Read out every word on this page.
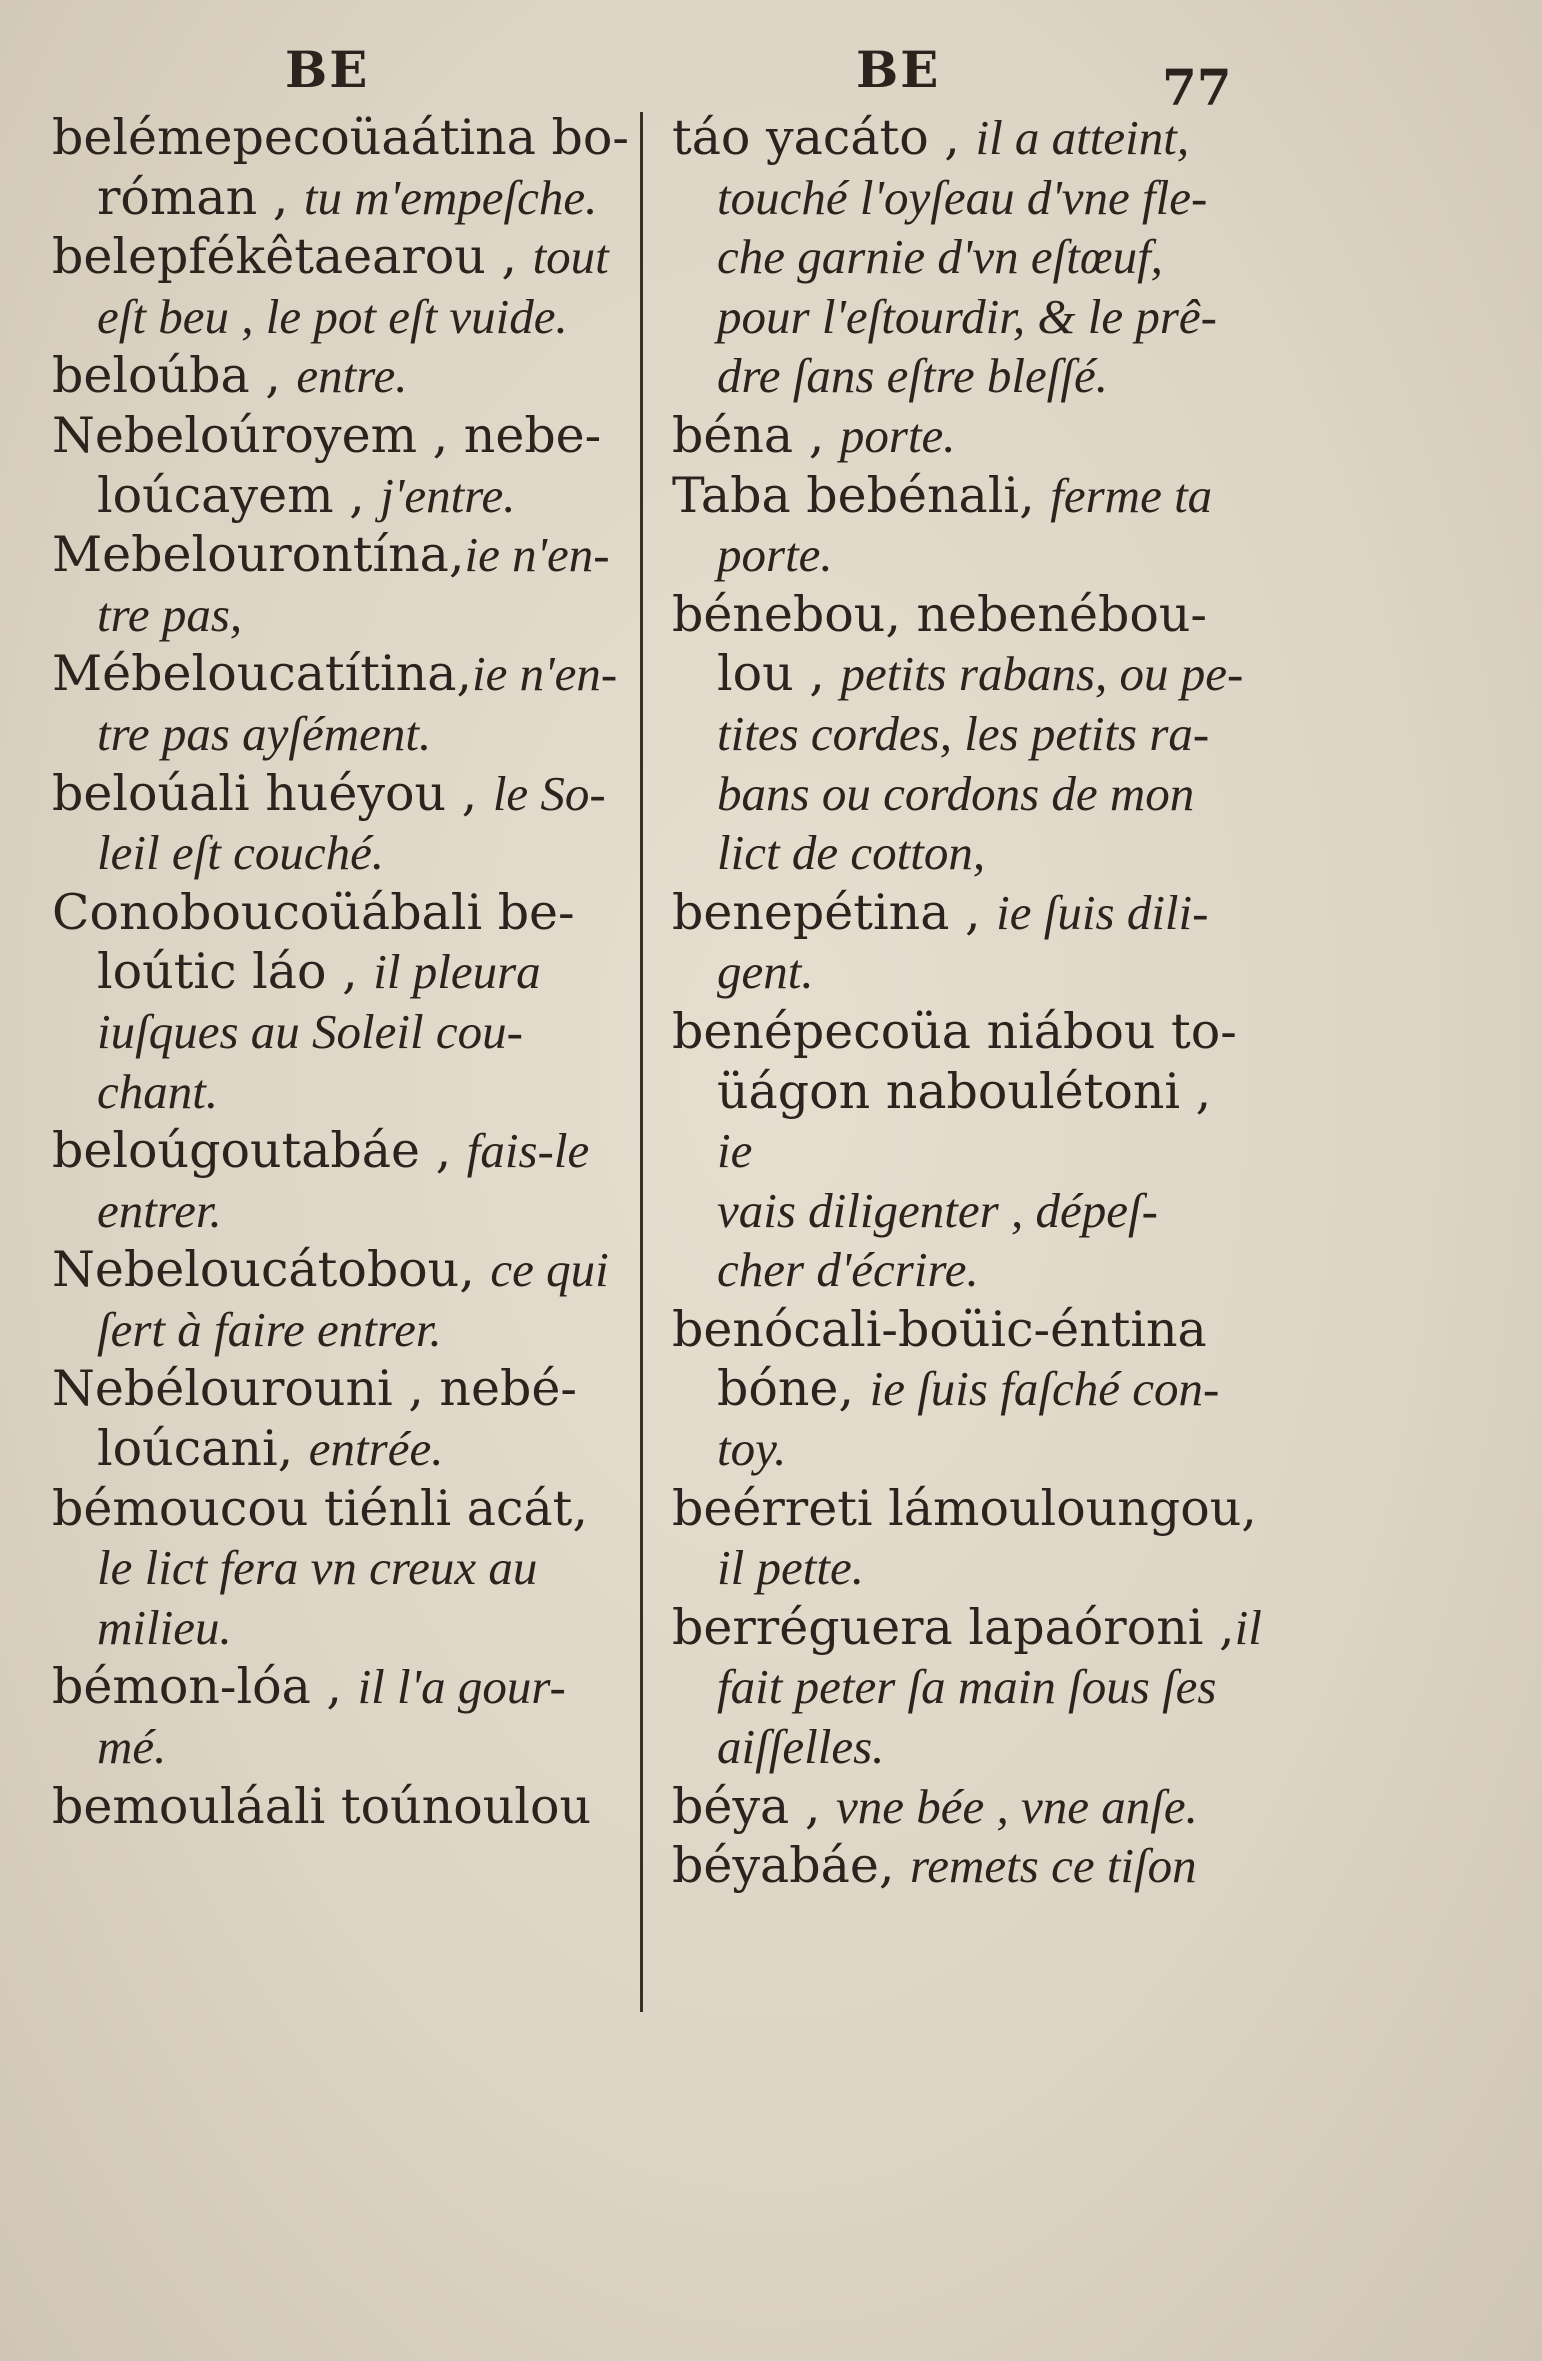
BE	BE	77
belémepecoüaátina bo-
róman , tu m'empeſche.
belepfékêtaearou , tout
eſt beu , le pot eſt vuide.
beloúba , entre.
Nebeloúroyem , nebe-
loúcayem , j'entre.
Mebelourontína,ie n'en-
tre pas,
Mébeloucatítina,ie n'en-
tre pas ayſément.
beloúali huéyou , le So-
leil eſt couché.
Conoboucoüábali be-
loútic láo , il pleura
iuſques au Soleil cou-
chant.
beloúgoutabáe , fais-le
entrer.
Nebeloucátobou, ce qui
ſert à faire entrer.
Nebélourouni , nebé-
loúcani, entrée.
bémoucou tiénli acát,
le lict fera vn creux au
milieu.
bémon-lóa , il l'a gour-
mé.
bemouláali toúnoulou
táo yacáto , il a atteint,
touché l'oyſeau d'vne fle-
che garnie d'vn eſtœuf,
pour l'eſtourdir, & le prê-
dre ſans eſtre bleſſé.
béna , porte.
Taba bebénali, ferme ta
porte.
bénebou, nebenébou-
lou , petits rabans, ou pe-
tites cordes, les petits ra-
bans ou cordons de mon
lict de cotton,
benepétina , ie ſuis dili-
gent.
benépecoüa niábou to-
üágon naboulétoni , ie
vais diligenter , dépeſ-
cher d'écrire.
benócali-boüic-éntina
bóne, ie ſuis faſché con-
toy.
beérreti lámouloungou,
il pette.
berréguera lapaóroni ,il
fait peter ſa main ſous ſes
aiſſelles.
béya , vne bée , vne anſe.
béyabáe, remets ce tiſon
